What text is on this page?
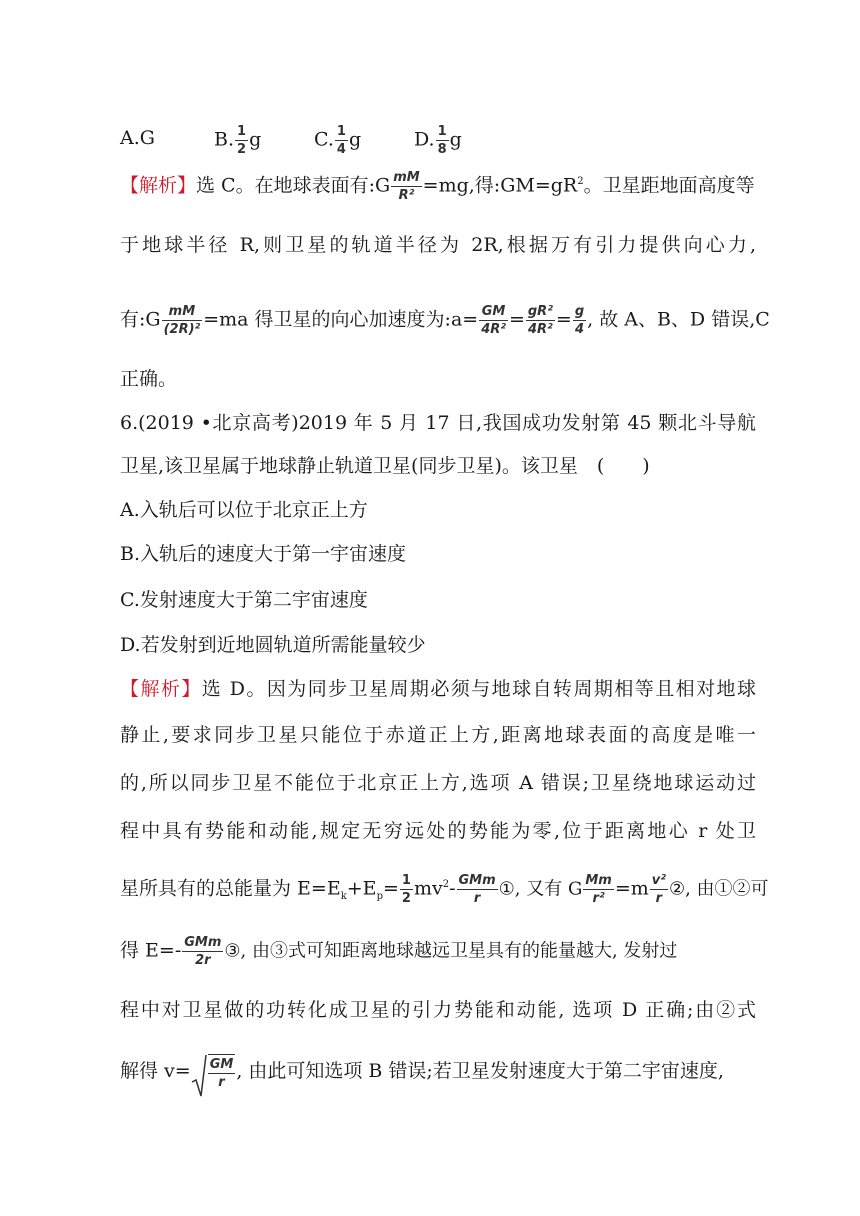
A.G	B. $\frac{1}{2}$ g	C. $\frac{1}{4}$ g	D. $\frac{1}{8}$ g
【解析】选 C。在地球表面有:G $\frac{mM}{\text{R²}} =mg$,得$:GM=gR^2$。卫星距地面高度等
于地球半径 R,则卫星的轨道半径为 2R,根据万有引力提供向心力,
有:G $\frac{mM}{\text{(2R)²}} =ma$ 得卫星的向心加速度为:a= $\frac{GM}{\text{4R²}} = \frac{\text{gR²}}{\text{4R²}} = \frac{g}{4}$ , 故 A、B、D 错误,C
正确。
6.(2019 •北京高考)2019 年 5 月 17 日,我国成功发射第 45 颗北斗导航
卫星,该卫星属于地球静止轨道卫星(同步卫星)。该卫星　(　　)
A.入轨后可以位于北京正上方
B.入轨后的速度大于第一宇宙速度
C.发射速度大于第二宇宙速度
D.若发射到近地圆轨道所需能量较少
【解析】选 D。因为同步卫星周期必须与地球自转周期相等且相对地球
静止,要求同步卫星只能位于赤道正上方,距离地球表面的高度是唯一
的,所以同步卫星不能位于北京正上方,选项 A 错误;卫星绕地球运动过
程中具有势能和动能,规定无穷远处的势能为零,位于距离地心 r 处卫
星所具有的总能量为 $E=E_k+E_p= \frac{1}{2} mv^2- \frac{\text{GMm}}{r}$ ①, 又有 G $\frac{Mm}{\text{r²}} =m \frac{\text{v²}}{r}$ ②, 由①②可
得 $E=- \frac{\text{GMm}}{2r}$ ③, 由③式可知距离地球越远卫星具有的能量越大, 发射过
程中对卫星做的功转化成卫星的引力势能和动能, 选项 D 正确;由②式
解得 $v= \frac{GM}{r}$ , 由此可知选项 B 错误;若卫星发射速度大于第二宇宙速度,
